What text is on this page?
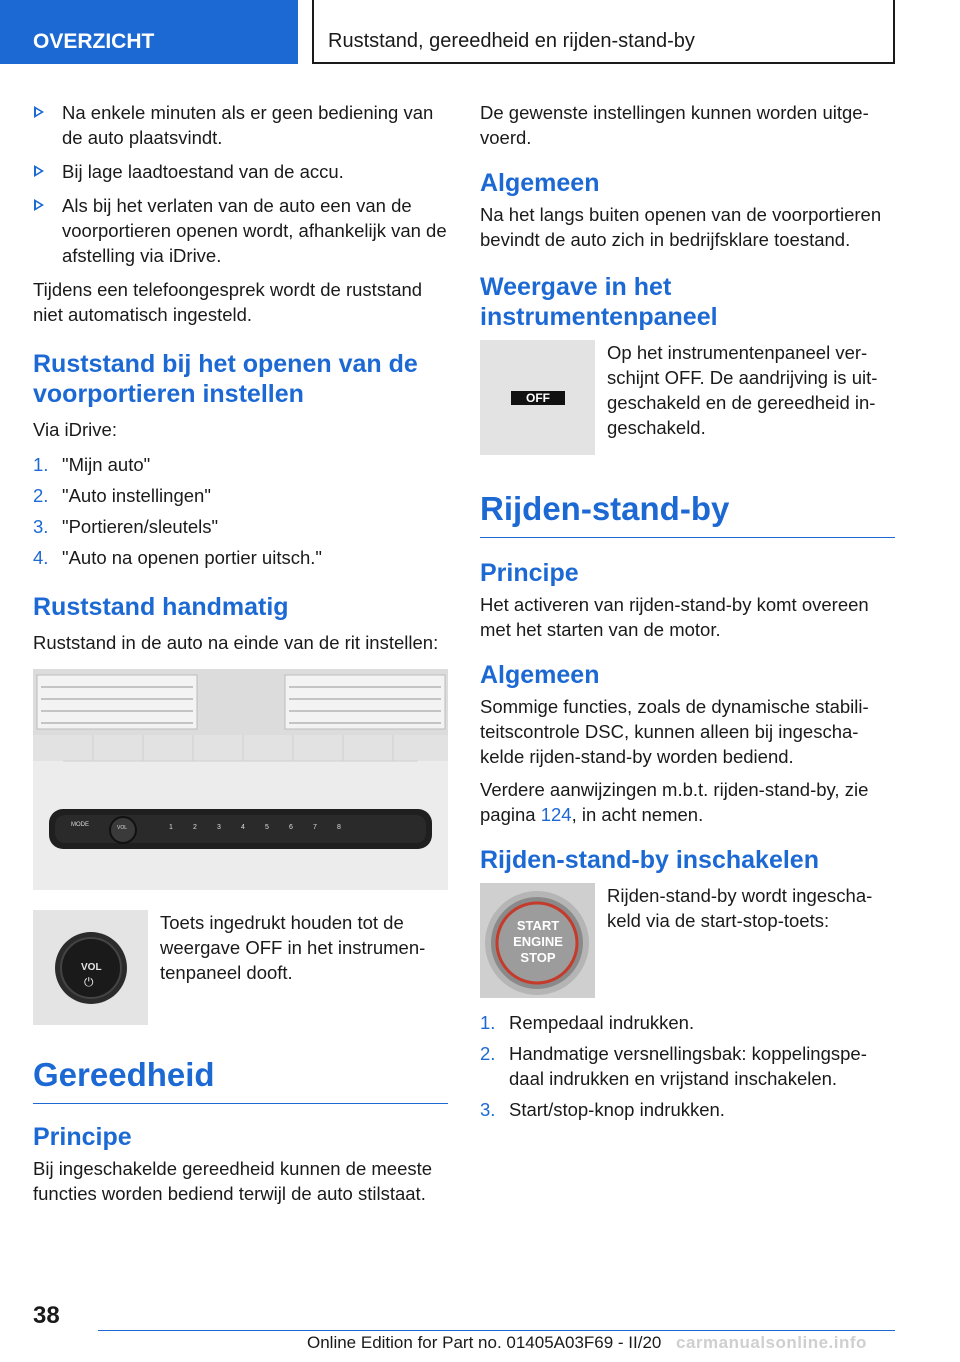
OVERZICHT	Ruststand, gereedheid en rijden-stand-by
Na enkele minuten als er geen bediening van de auto plaatsvindt.
Bij lage laadtoestand van de accu.
Als bij het verlaten van de auto een van de voorportieren openen wordt, afhankelijk van de afstelling via iDrive.

Tijdens een telefoongesprek wordt de ruststand niet automatisch ingesteld.

Ruststand bij het openen van de voorportieren instellen

Via iDrive:

1. "Mijn auto"
2. "Auto instellingen"
3. "Portieren/sleutels"
4. "Auto na openen portier uitsch."
Ruststand handmatig

Ruststand in de auto na einde van de rit instellen:

MODE	VOL	1	2	3	4	5	6	7	8
VOL
⏻
Toets ingedrukt houden tot de weergave OFF in het instrumentenpaneel dooft.
Gereedheid
Principe

Bij ingeschakelde gereedheid kunnen de meeste functies worden bediend terwijl de auto stilstaat.

De gewenste instellingen kunnen worden uitgevoerd.

Algemeen

Na het langs buiten openen van de voorportieren bevindt de auto zich in bedrijfsklare toestand.

Weergave in het instrumentenpaneel
OFF
Op het instrumentenpaneel verschijnt OFF. De aandrijving is uitgeschakeld en de gereedheid ingeschakeld.
Rijden-stand-by
Principe

Het activeren van rijden-stand-by komt overeen met het starten van de motor.

Algemeen

Sommige functies, zoals de dynamische stabiliteitscontrole DSC, kunnen alleen bij ingeschakelde rijden-stand-by worden bediend.

Verdere aanwijzingen m.b.t. rijden-stand-by, zie pagina 124, in acht nemen.

Rijden-stand-by inschakelen
START
ENGINE
STOP
Rijden-stand-by wordt ingeschakeld via de start-stop-toets:
1. Rempedaal indrukken.
2. Handmatige versnellingsbak: koppelingspedaal indrukken en vrijstand inschakelen.
3. Start/stop-knop indrukken.
38
Online Edition for Part no. 01405A03F69 - II/20 carmanualsonline.info
